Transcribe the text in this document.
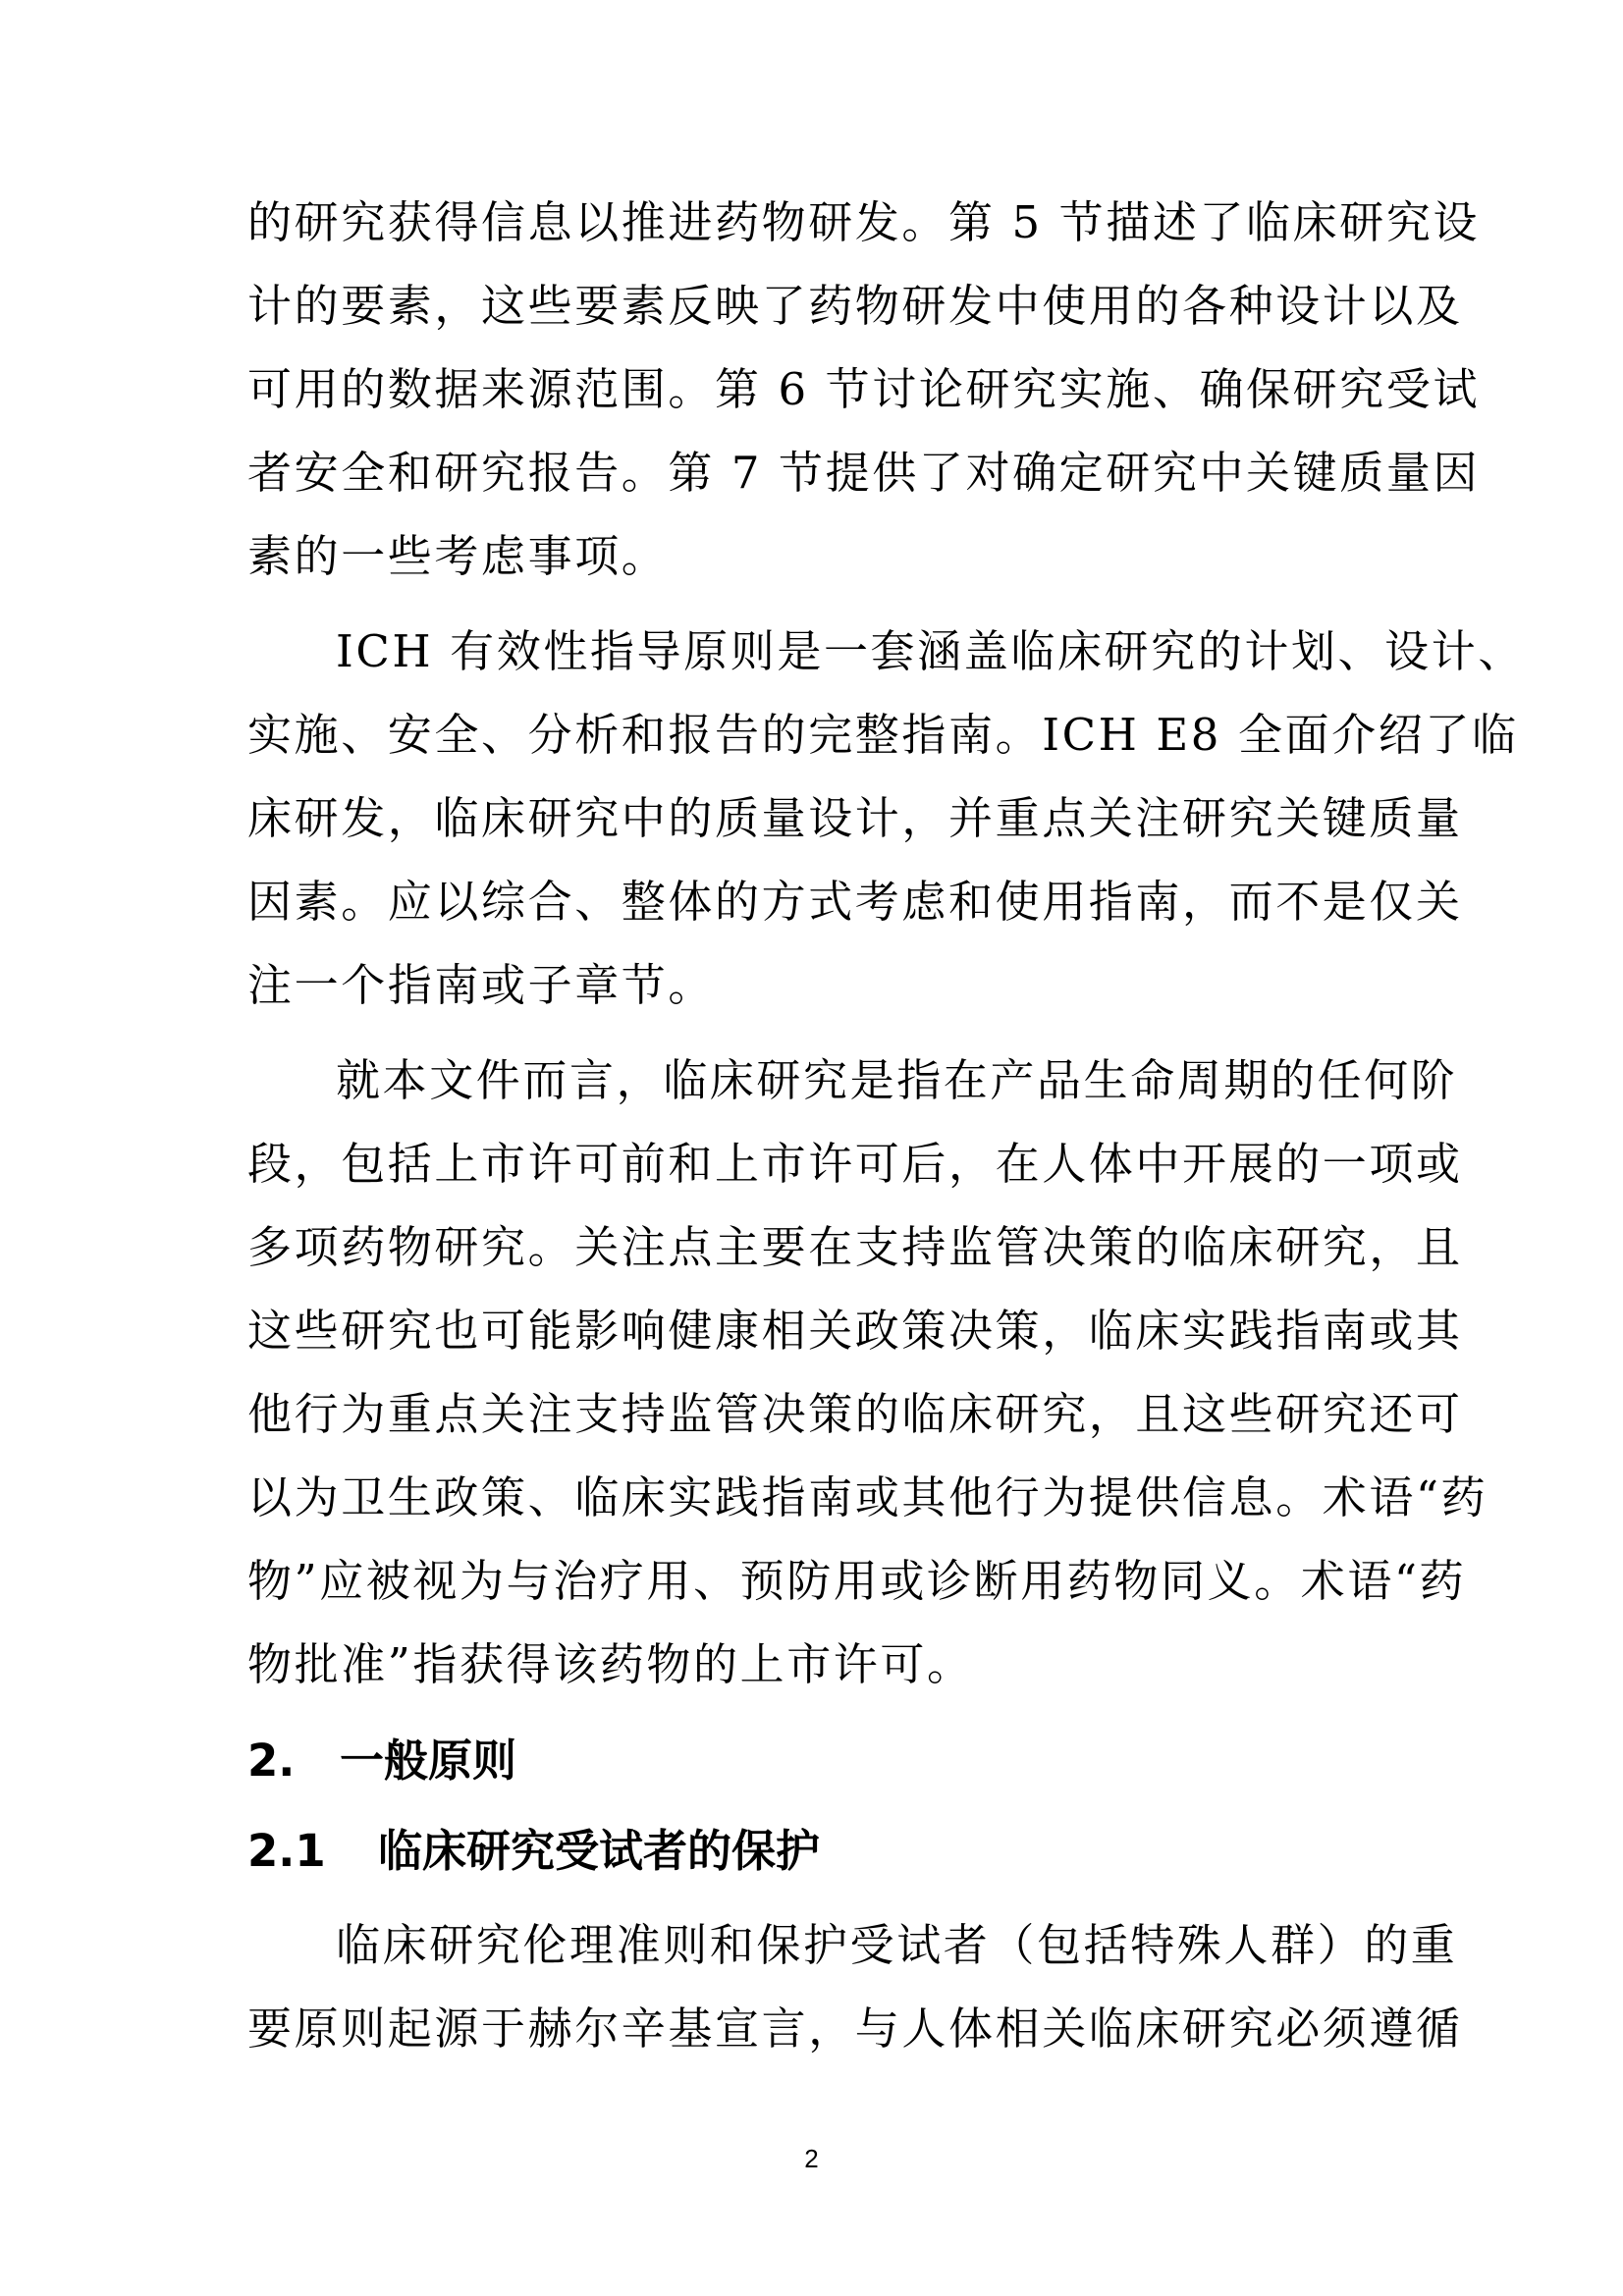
的研究获得信息以推进药物研发。第 5 节描述了临床研究设
计的要素，这些要素反映了药物研发中使用的各种设计以及
可用的数据来源范围。第 6 节讨论研究实施、确保研究受试
者安全和研究报告。第 7 节提供了对确定研究中关键质量因
素的一些考虑事项。
ICH 有效性指导原则是一套涵盖临床研究的计划、设计、
实施、安全、分析和报告的完整指南。ICH E8 全面介绍了临
床研发，临床研究中的质量设计，并重点关注研究关键质量
因素。应以综合、整体的方式考虑和使用指南，而不是仅关
注一个指南或子章节。
就本文件而言，临床研究是指在产品生命周期的任何阶
段，包括上市许可前和上市许可后，在人体中开展的一项或
多项药物研究。关注点主要在支持监管决策的临床研究，且
这些研究也可能影响健康相关政策决策，临床实践指南或其
他行为重点关注支持监管决策的临床研究，且这些研究还可
以为卫生政策、临床实践指南或其他行为提供信息。术语“药
物”应被视为与治疗用、预防用或诊断用药物同义。术语“药
物批准”指获得该药物的上市许可。
2. 一般原则
2.1 临床研究受试者的保护
临床研究伦理准则和保护受试者（包括特殊人群）的重
要原则起源于赫尔辛基宣言，与人体相关临床研究必须遵循
2
